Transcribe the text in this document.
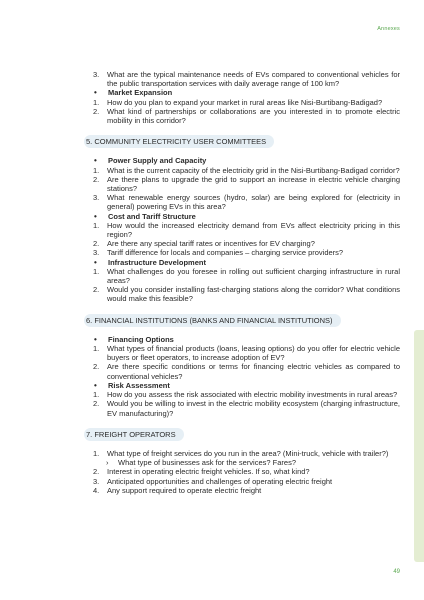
Annexes
3.	What are the typical maintenance needs of EVs compared to conventional vehicles for the public transportation services with daily average range of 100 km?
•	Market Expansion
1.	How do you plan to expand your market in rural areas like Nisi-Burtibang-Badigad?
2.	What kind of partnerships or collaborations are you interested in to promote electric mobility in this corridor?
5. COMMUNITY ELECTRICITY USER COMMITTEES
•	Power Supply and Capacity
1.	What is the current capacity of the electricity grid in the Nisi-Burtibang-Badigad corridor?
2.	Are there plans to upgrade the grid to support an increase in electric vehicle charging stations?
3.	What renewable energy sources (hydro, solar) are being explored for (electricity in general) powering EVs in this area?
•	Cost and Tariff Structure
1.	How would the increased electricity demand from EVs affect electricity pricing in this region?
2.	Are there any special tariff rates or incentives for EV charging?
3.	Tariff difference for locals and companies – charging service providers?
•	Infrastructure Development
1.	What challenges do you foresee in rolling out sufficient charging infrastructure in rural areas?
2.	Would you consider installing fast-charging stations along the corridor? What conditions would make this feasible?
6. FINANCIAL INSTITUTIONS (BANKS AND FINANCIAL INSTITUTIONS)
•	Financing Options
1.	What types of financial products (loans, leasing options) do you offer for electric vehicle buyers or fleet operators, to increase adoption of EV?
2.	Are there specific conditions or terms for financing electric vehicles as compared to conventional vehicles?
•	Risk Assessment
1.	How do you assess the risk associated with electric mobility investments in rural areas?
2.	Would you be willing to invest in the electric mobility ecosystem (charging infrastructure, EV manufacturing)?
7. FREIGHT OPERATORS
1.	What type of freight services do you run in the area? (Mini-truck, vehicle with trailer?)
›	What type of businesses ask for the services? Fares?
2.	Interest in operating electric freight vehicles. If so, what kind?
3.	Anticipated opportunities and challenges of operating electric freight
4.	Any support required to operate electric freight
49
